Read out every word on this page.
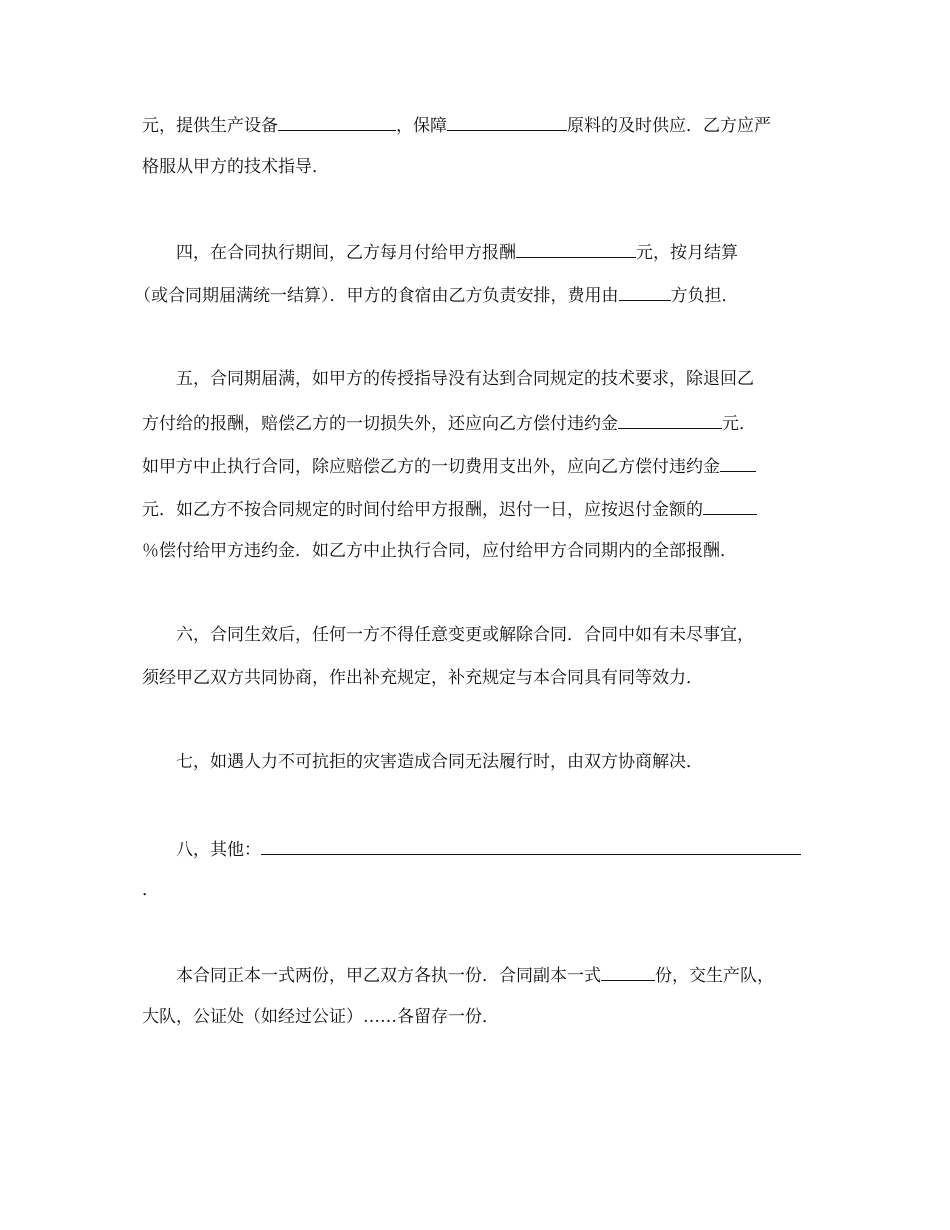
元，提供生产设备	，保障	原料的及时供应．乙方应严
格服从甲方的技术指导．
四，在合同执行期间，乙方每月付给甲方报酬	元，按月结算
（或合同期届满统一结算）．甲方的食宿由乙方负责安排，费用由	方负担．
五，合同期届满，如甲方的传授指导没有达到合同规定的技术要求，除退回乙
方付给的报酬，赔偿乙方的一切损失外，还应向乙方偿付违约金	元．
如甲方中止执行合同，除应赔偿乙方的一切费用支出外，应向乙方偿付违约金
元．如乙方不按合同规定的时间付给甲方报酬，迟付一日，应按迟付金额的
％偿付给甲方违约金．如乙方中止执行合同，应付给甲方合同期内的全部报酬．
六，合同生效后，任何一方不得任意变更或解除合同．合同中如有未尽事宜，
须经甲乙双方共同协商，作出补充规定，补充规定与本合同具有同等效力．
七，如遇人力不可抗拒的灾害造成合同无法履行时，由双方协商解决．
八，其他：
．
本合同正本一式两份，甲乙双方各执一份．合同副本一式	份，交生产队，
大队，公证处（如经过公证）……各留存一份．
